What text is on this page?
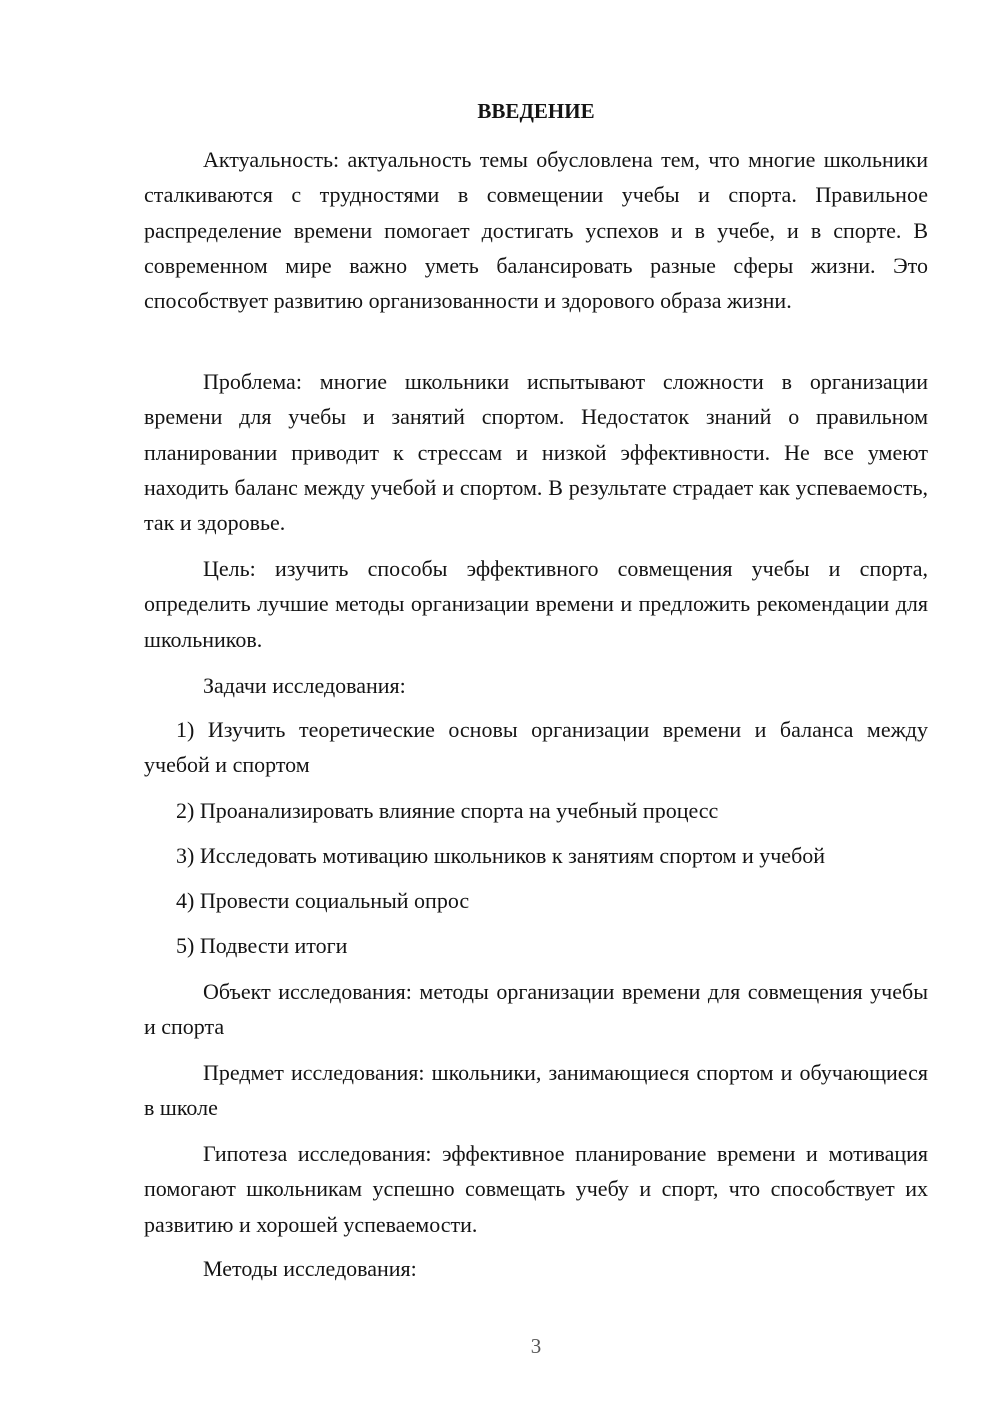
ВВЕДЕНИЕ

Актуальность: актуальность темы обусловлена тем, что многие школьники сталкиваются с трудностями в совмещении учебы и спорта. Правильное распределение времени помогает достигать успехов и в учебе, и в спорте. В современном мире важно уметь балансировать разные сферы жизни. Это способствует развитию организованности и здорового образа жизни.

Проблема: многие школьники испытывают сложности в организации времени для учебы и занятий спортом. Недостаток знаний о правильном планировании приводит к стрессам и низкой эффективности. Не все умеют находить баланс между учебой и спортом. В результате страдает как успеваемость, так и здоровье.

Цель: изучить способы эффективного совмещения учебы и спорта, определить лучшие методы организации времени и предложить рекомендации для школьников.

Задачи исследования:

1) Изучить теоретические основы организации времени и баланса между учебой и спортом

2) Проанализировать влияние спорта на учебный процесс

3) Исследовать мотивацию школьников к занятиям спортом и учебой

4) Провести социальный опрос

5) Подвести итоги

Объект исследования: методы организации времени для совмещения учебы и спорта

Предмет исследования: школьники, занимающиеся спортом и обучающиеся в школе

Гипотеза исследования: эффективное планирование времени и мотивация помогают школьникам успешно совмещать учебу и спорт, что способствует их развитию и хорошей успеваемости.

Методы исследования:

3
